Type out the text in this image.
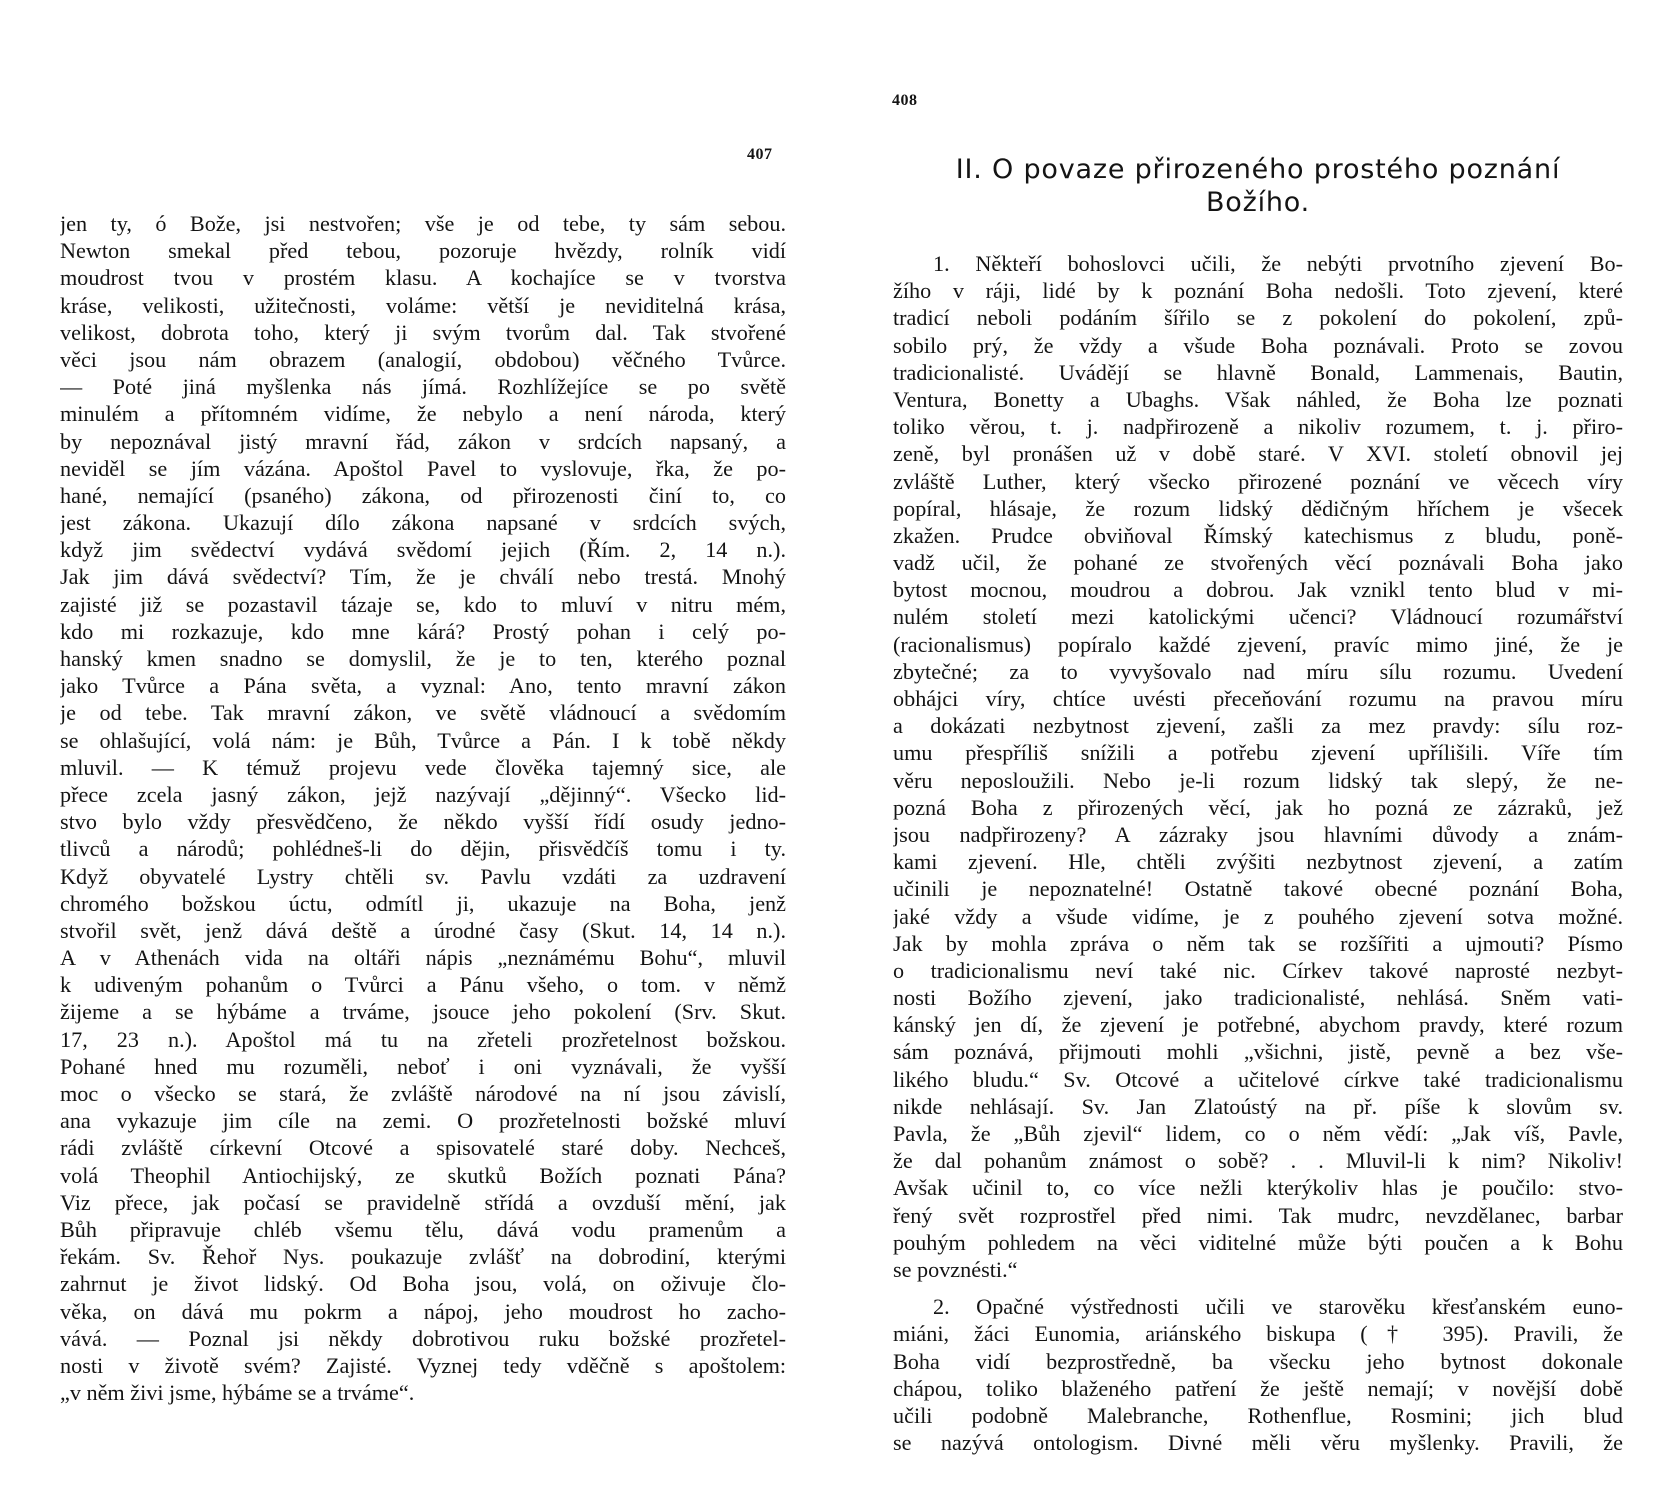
407
jen ty, ó Bože, jsi nestvořen; vše je od tebe, ty sám sebou.
Newton smekal před tebou, pozoruje hvězdy, rolník vidí
moudrost tvou v prostém klasu. A kochajíce se v tvorstva
kráse, velikosti, užitečnosti, voláme: větší je neviditelná krása,
velikost, dobrota toho, který ji svým tvorům dal. Tak stvořené
věci jsou nám obrazem (analogií, obdobou) věčného Tvůrce.
— Poté jiná myšlenka nás jímá. Rozhlížejíce se po světě
minulém a přítomném vidíme, že nebylo a není národa, který
by nepoznával jistý mravní řád, zákon v srdcích napsaný, a
neviděl se jím vázána. Apoštol Pavel to vyslovuje, řka, že po-
hané, nemající (psaného) zákona, od přirozenosti činí to, co
jest zákona. Ukazují dílo zákona napsané v srdcích svých,
když jim svědectví vydává svědomí jejich (Řím. 2, 14 n.).
Jak jim dává svědectví? Tím, že je chválí nebo trestá. Mnohý
zajisté již se pozastavil tázaje se, kdo to mluví v nitru mém,
kdo mi rozkazuje, kdo mne kárá? Prostý pohan i celý po-
hanský kmen snadno se domyslil, že je to ten, kterého poznal
jako Tvůrce a Pána světa, a vyznal: Ano, tento mravní zákon
je od tebe. Tak mravní zákon, ve světě vládnoucí a svědomím
se ohlašující, volá nám: je Bůh, Tvůrce a Pán. I k tobě někdy
mluvil. — K témuž projevu vede člověka tajemný sice, ale
přece zcela jasný zákon, jejž nazývají „dějinný“. Všecko lid-
stvo bylo vždy přesvědčeno, že někdo vyšší řídí osudy jedno-
tlivců a národů; pohlédneš-li do dějin, přisvědčíš tomu i ty.
Když obyvatelé Lystry chtěli sv. Pavlu vzdáti za uzdravení
chromého božskou úctu, odmítl ji, ukazuje na Boha, jenž
stvořil svět, jenž dává deště a úrodné časy (Skut. 14, 14 n.).
A v Athenách vida na oltáři nápis „neznámému Bohu“, mluvil
k udiveným pohanům o Tvůrci a Pánu všeho, o tom. v němž
žijeme a se hýbáme a trváme, jsouce jeho pokolení (Srv. Skut.
17, 23 n.). Apoštol má tu na zřeteli prozřetelnost božskou.
Pohané hned mu rozuměli, neboť i oni vyznávali, že vyšší
moc o všecko se stará, že zvláště národové na ní jsou závislí,
ana vykazuje jim cíle na zemi. O prozřetelnosti božské mluví
rádi zvláště církevní Otcové a spisovatelé staré doby. Nechceš,
volá Theophil Antiochijský, ze skutků Božích poznati Pána?
Viz přece, jak počasí se pravidelně střídá a ovzduší mění, jak
Bůh připravuje chléb všemu tělu, dává vodu pramenům a
řekám. Sv. Řehoř Nys. poukazuje zvlášť na dobrodiní, kterými
zahrnut je život lidský. Od Boha jsou, volá, on oživuje člo-
věka, on dává mu pokrm a nápoj, jeho moudrost ho zacho-
vává. — Poznal jsi někdy dobrotivou ruku božské prozřetel-
nosti v životě svém? Zajisté. Vyznej tedy vděčně s apoštolem:
„v něm živi jsme, hýbáme se a trváme“.
408
II. O povaze přirozeného prostého poznání
Božího.
1. Někteří bohoslovci učili, že nebýti prvotního zjevení Bo-
žího v ráji, lidé by k poznání Boha nedošli. Toto zjevení, které
tradicí neboli podáním šířilo se z pokolení do pokolení, způ-
sobilo prý, že vždy a všude Boha poznávali. Proto se zovou
tradicionalisté. Uvádějí se hlavně Bonald, Lammenais, Bautin,
Ventura, Bonetty a Ubaghs. Však náhled, že Boha lze poznati
toliko věrou, t. j. nadpřirozeně a nikoliv rozumem, t. j. přiro-
zeně, byl pronášen už v době staré. V XVI. století obnovil jej
zvláště Luther, který všecko přirozené poznání ve věcech víry
popíral, hlásaje, že rozum lidský dědičným hříchem je všecek
zkažen. Prudce obviňoval Římský katechismus z bludu, poně-
vadž učil, že pohané ze stvořených věcí poznávali Boha jako
bytost mocnou, moudrou a dobrou. Jak vznikl tento blud v mi-
nulém století mezi katolickými učenci? Vládnoucí rozumářství
(racionalismus) popíralo každé zjevení, pravíc mimo jiné, že je
zbytečné; za to vyvyšovalo nad míru sílu rozumu. Uvedení
obhájci víry, chtíce uvésti přeceňování rozumu na pravou míru
a dokázati nezbytnost zjevení, zašli za mez pravdy: sílu roz-
umu přespříliš snížili a potřebu zjevení upřílišili. Víře tím
věru neposloužili. Nebo je-li rozum lidský tak slepý, že ne-
pozná Boha z přirozených věcí, jak ho pozná ze zázraků, jež
jsou nadpřirozeny? A zázraky jsou hlavními důvody a znám-
kami zjevení. Hle, chtěli zvýšiti nezbytnost zjevení, a zatím
učinili je nepoznatelné! Ostatně takové obecné poznání Boha,
jaké vždy a všude vidíme, je z pouhého zjevení sotva možné.
Jak by mohla zpráva o něm tak se rozšířiti a ujmouti? Písmo
o tradicionalismu neví také nic. Církev takové naprosté nezbyt-
nosti Božího zjevení, jako tradicionalisté, nehlásá. Sněm vati-
kánský jen dí, že zjevení je potřebné, abychom pravdy, které rozum
sám poznává, přijmouti mohli „všichni, jistě, pevně a bez vše-
likého bludu.“ Sv. Otcové a učitelové církve také tradicionalismu
nikde nehlásají. Sv. Jan Zlatoústý na př. píše k slovům sv.
Pavla, že „Bůh zjevil“ lidem, co o něm vědí: „Jak víš, Pavle,
že dal pohanům známost o sobě? . . Mluvil-li k nim? Nikoliv!
Avšak učinil to, co více nežli kterýkoliv hlas je poučilo: stvo-
řený svět rozprostřel před nimi. Tak mudrc, nevzdělanec, barbar
pouhým pohledem na věci viditelné může býti poučen a k Bohu
se povznésti.“
2. Opačné výstřednosti učili ve starověku křesťanském euno-
miáni, žáci Eunomia, ariánského biskupa († 395). Pravili, že
Boha vidí bezprostředně, ba všecku jeho bytnost dokonale
chápou, toliko blaženého patření že ještě nemají; v novější době
učili podobně Malebranche, Rothenflue, Rosmini; jich blud
se nazývá ontologism. Divné měli věru myšlenky. Pravili, že
